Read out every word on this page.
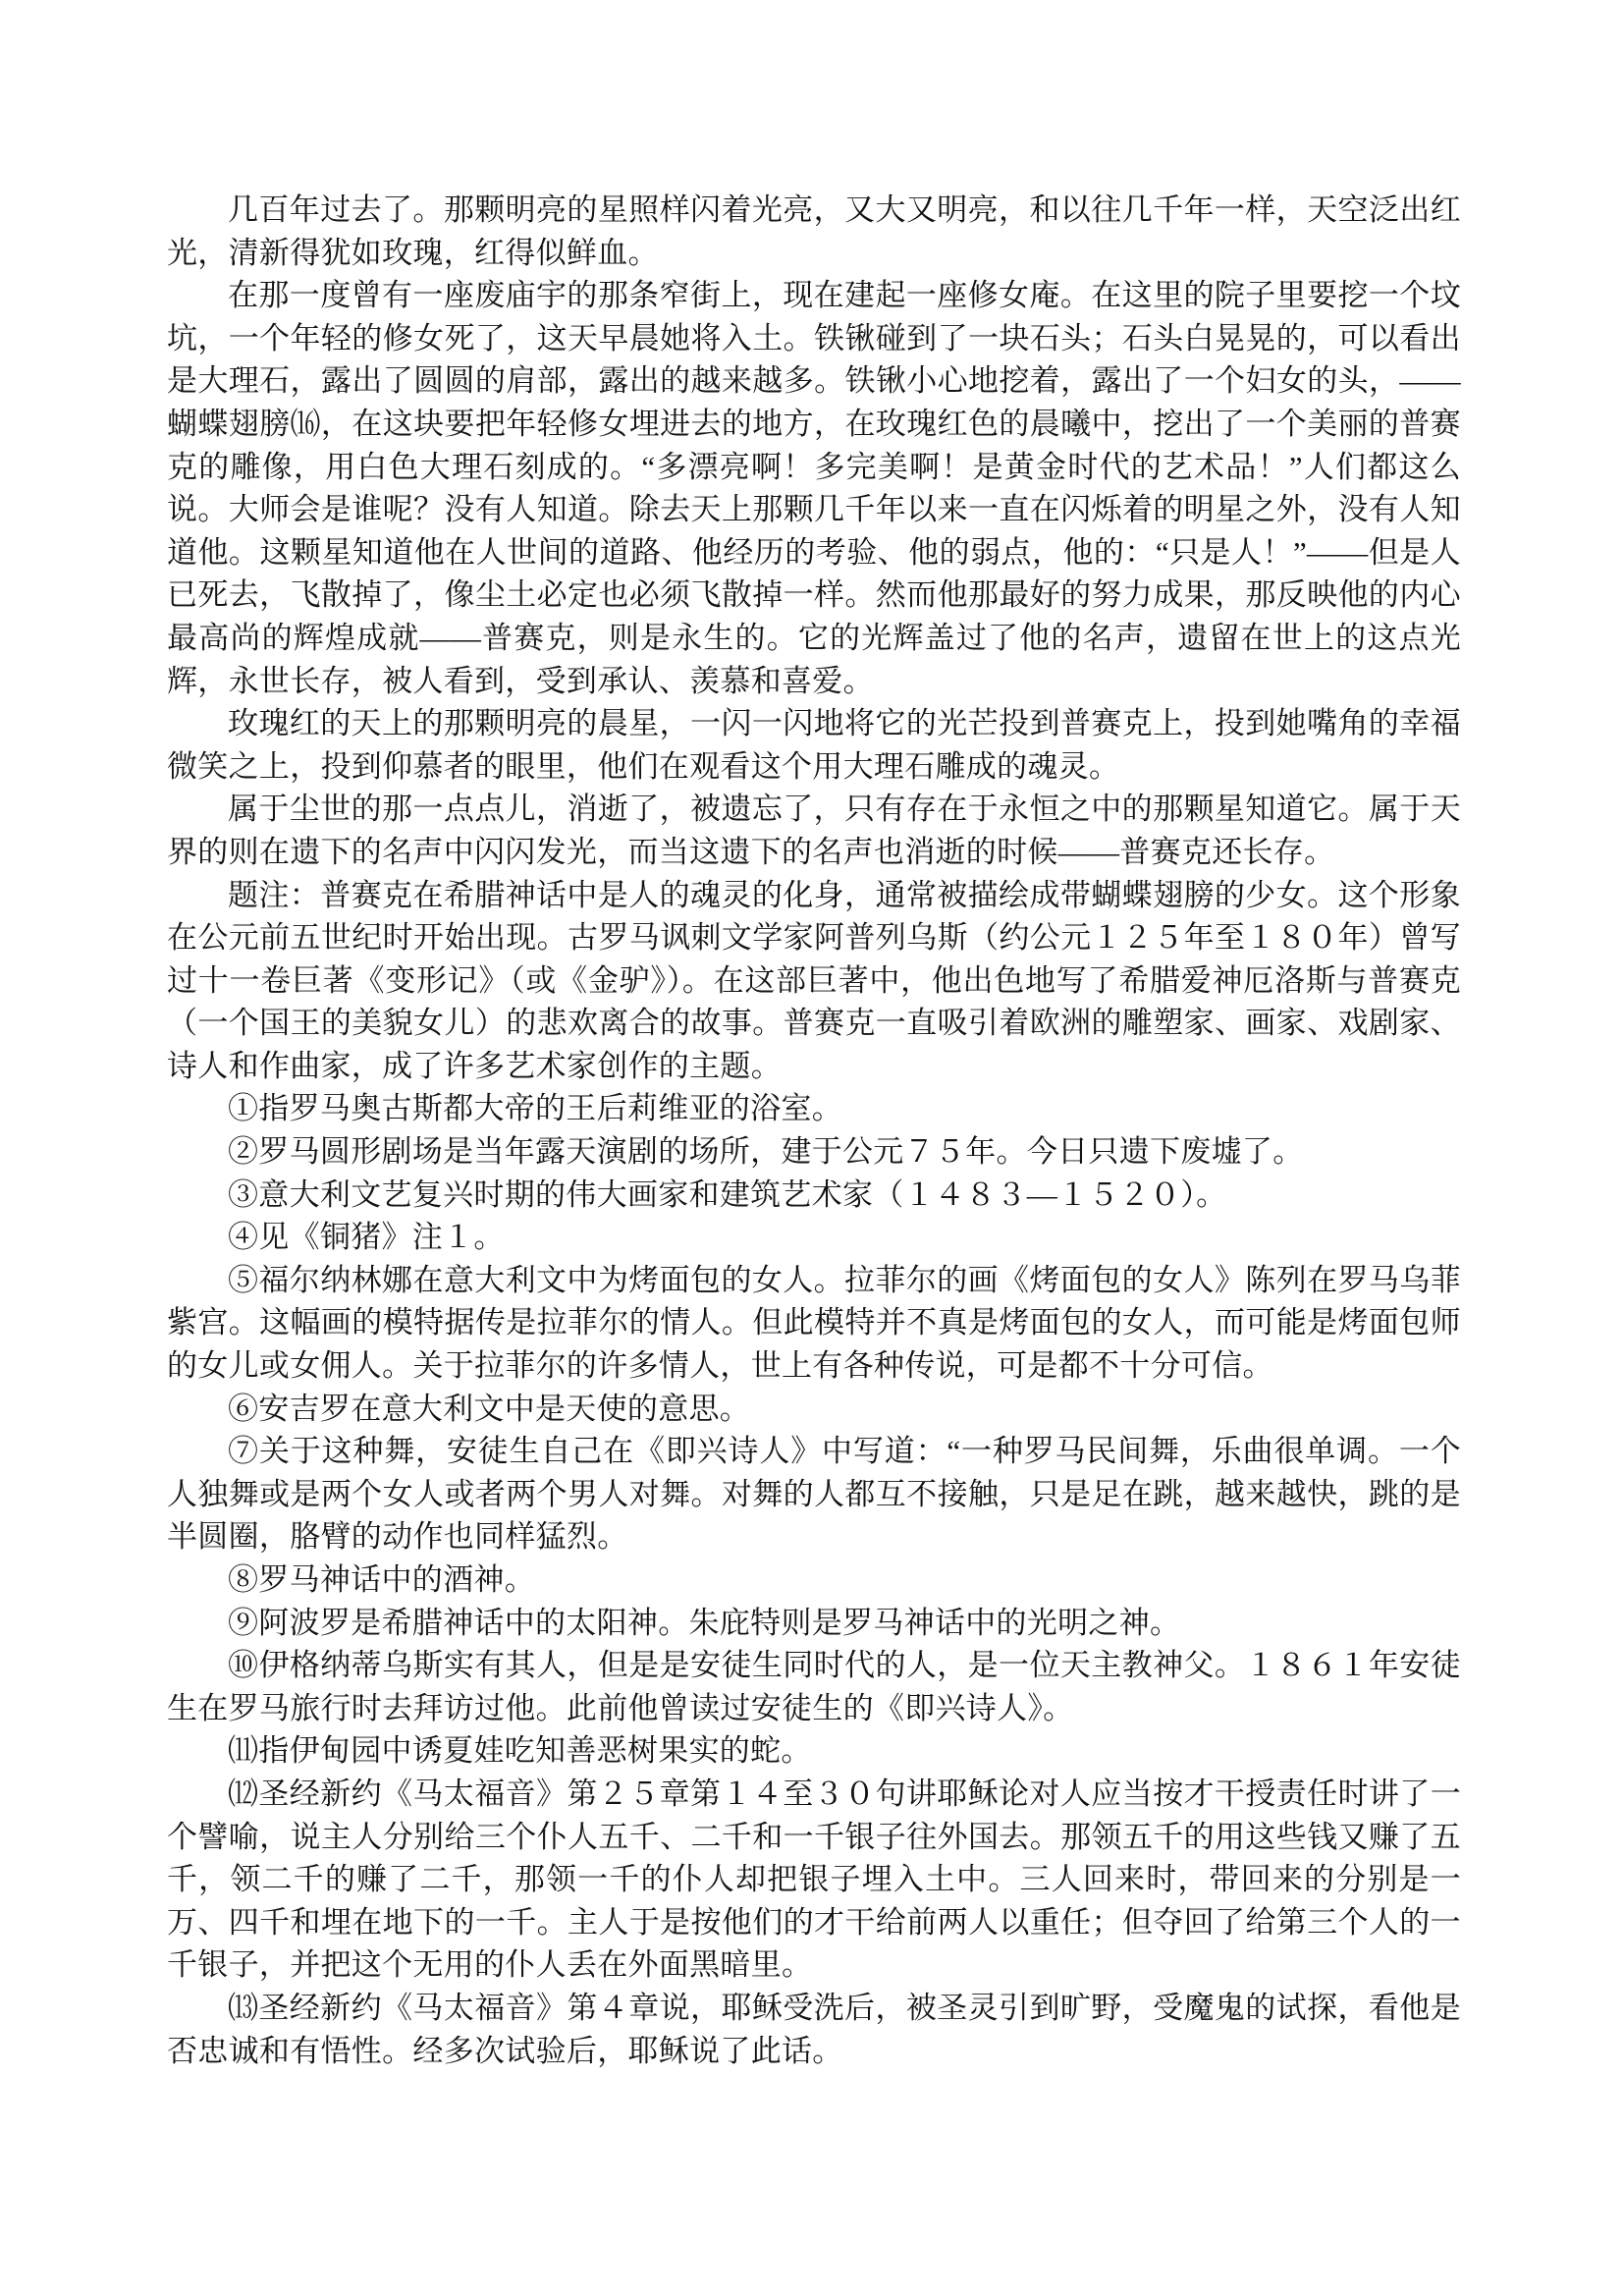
几百年过去了。那颗明亮的星照样闪着光亮，又大又明亮，和以往几千年一样，天空泛出红光，清新得犹如玫瑰，红得似鲜血。

在那一度曾有一座废庙宇的那条窄街上，现在建起一座修女庵。在这里的院子里要挖一个坟坑，一个年轻的修女死了，这天早晨她将入土。铁锹碰到了一块石头；石头白晃晃的，可以看出是大理石，露出了圆圆的肩部，露出的越来越多。铁锹小心地挖着，露出了一个妇女的头，——蝴蝶翅膀⒃，在这块要把年轻修女埋进去的地方，在玫瑰红色的晨曦中，挖出了一个美丽的普赛克的雕像，用白色大理石刻成的。“多漂亮啊！多完美啊！是黄金时代的艺术品！”人们都这么说。大师会是谁呢？没有人知道。除去天上那颗几千年以来一直在闪烁着的明星之外，没有人知道他。这颗星知道他在人世间的道路、他经历的考验、他的弱点，他的：“只是人！”——但是人已死去，飞散掉了，像尘土必定也必须飞散掉一样。然而他那最好的努力成果，那反映他的内心最高尚的辉煌成就——普赛克，则是永生的。它的光辉盖过了他的名声，遗留在世上的这点光辉，永世长存，被人看到，受到承认、羡慕和喜爱。

玫瑰红的天上的那颗明亮的晨星，一闪一闪地将它的光芒投到普赛克上，投到她嘴角的幸福微笑之上，投到仰慕者的眼里，他们在观看这个用大理石雕成的魂灵。

属于尘世的那一点点儿，消逝了，被遗忘了，只有存在于永恒之中的那颗星知道它。属于天界的则在遗下的名声中闪闪发光，而当这遗下的名声也消逝的时候——普赛克还长存。

题注：普赛克在希腊神话中是人的魂灵的化身，通常被描绘成带蝴蝶翅膀的少女。这个形象在公元前五世纪时开始出现。古罗马讽刺文学家阿普列乌斯（约公元１２５年至１８０年）曾写过十一卷巨著《变形记》（或《金驴》）。在这部巨著中，他出色地写了希腊爱神厄洛斯与普赛克（一个国王的美貌女儿）的悲欢离合的故事。普赛克一直吸引着欧洲的雕塑家、画家、戏剧家、诗人和作曲家，成了许多艺术家创作的主题。

①指罗马奥古斯都大帝的王后莉维亚的浴室。

②罗马圆形剧场是当年露天演剧的场所，建于公元７５年。今日只遗下废墟了。

③意大利文艺复兴时期的伟大画家和建筑艺术家（１４８３—１５２０）。

④见《铜猪》注１。

⑤福尔纳林娜在意大利文中为烤面包的女人。拉菲尔的画《烤面包的女人》陈列在罗马乌菲紫宫。这幅画的模特据传是拉菲尔的情人。但此模特并不真是烤面包的女人，而可能是烤面包师的女儿或女佣人。关于拉菲尔的许多情人，世上有各种传说，可是都不十分可信。

⑥安吉罗在意大利文中是天使的意思。

⑦关于这种舞，安徒生自己在《即兴诗人》中写道：“一种罗马民间舞，乐曲很单调。一个人独舞或是两个女人或者两个男人对舞。对舞的人都互不接触，只是足在跳，越来越快，跳的是半圆圈，胳臂的动作也同样猛烈。

⑧罗马神话中的酒神。

⑨阿波罗是希腊神话中的太阳神。朱庇特则是罗马神话中的光明之神。

⑩伊格纳蒂乌斯实有其人，但是是安徒生同时代的人，是一位天主教神父。１８６１年安徒生在罗马旅行时去拜访过他。此前他曾读过安徒生的《即兴诗人》。

⑾指伊甸园中诱夏娃吃知善恶树果实的蛇。

⑿圣经新约《马太福音》第２５章第１４至３０句讲耶稣论对人应当按才干授责任时讲了一个譬喻，说主人分别给三个仆人五千、二千和一千银子往外国去。那领五千的用这些钱又赚了五千，领二千的赚了二千，那领一千的仆人却把银子埋入土中。三人回来时，带回来的分别是一万、四千和埋在地下的一千。主人于是按他们的才干给前两人以重任；但夺回了给第三个人的一千银子，并把这个无用的仆人丢在外面黑暗里。

⒀圣经新约《马太福音》第４章说，耶稣受洗后，被圣灵引到旷野，受魔鬼的试探，看他是否忠诚和有悟性。经多次试验后，耶稣说了此话。
